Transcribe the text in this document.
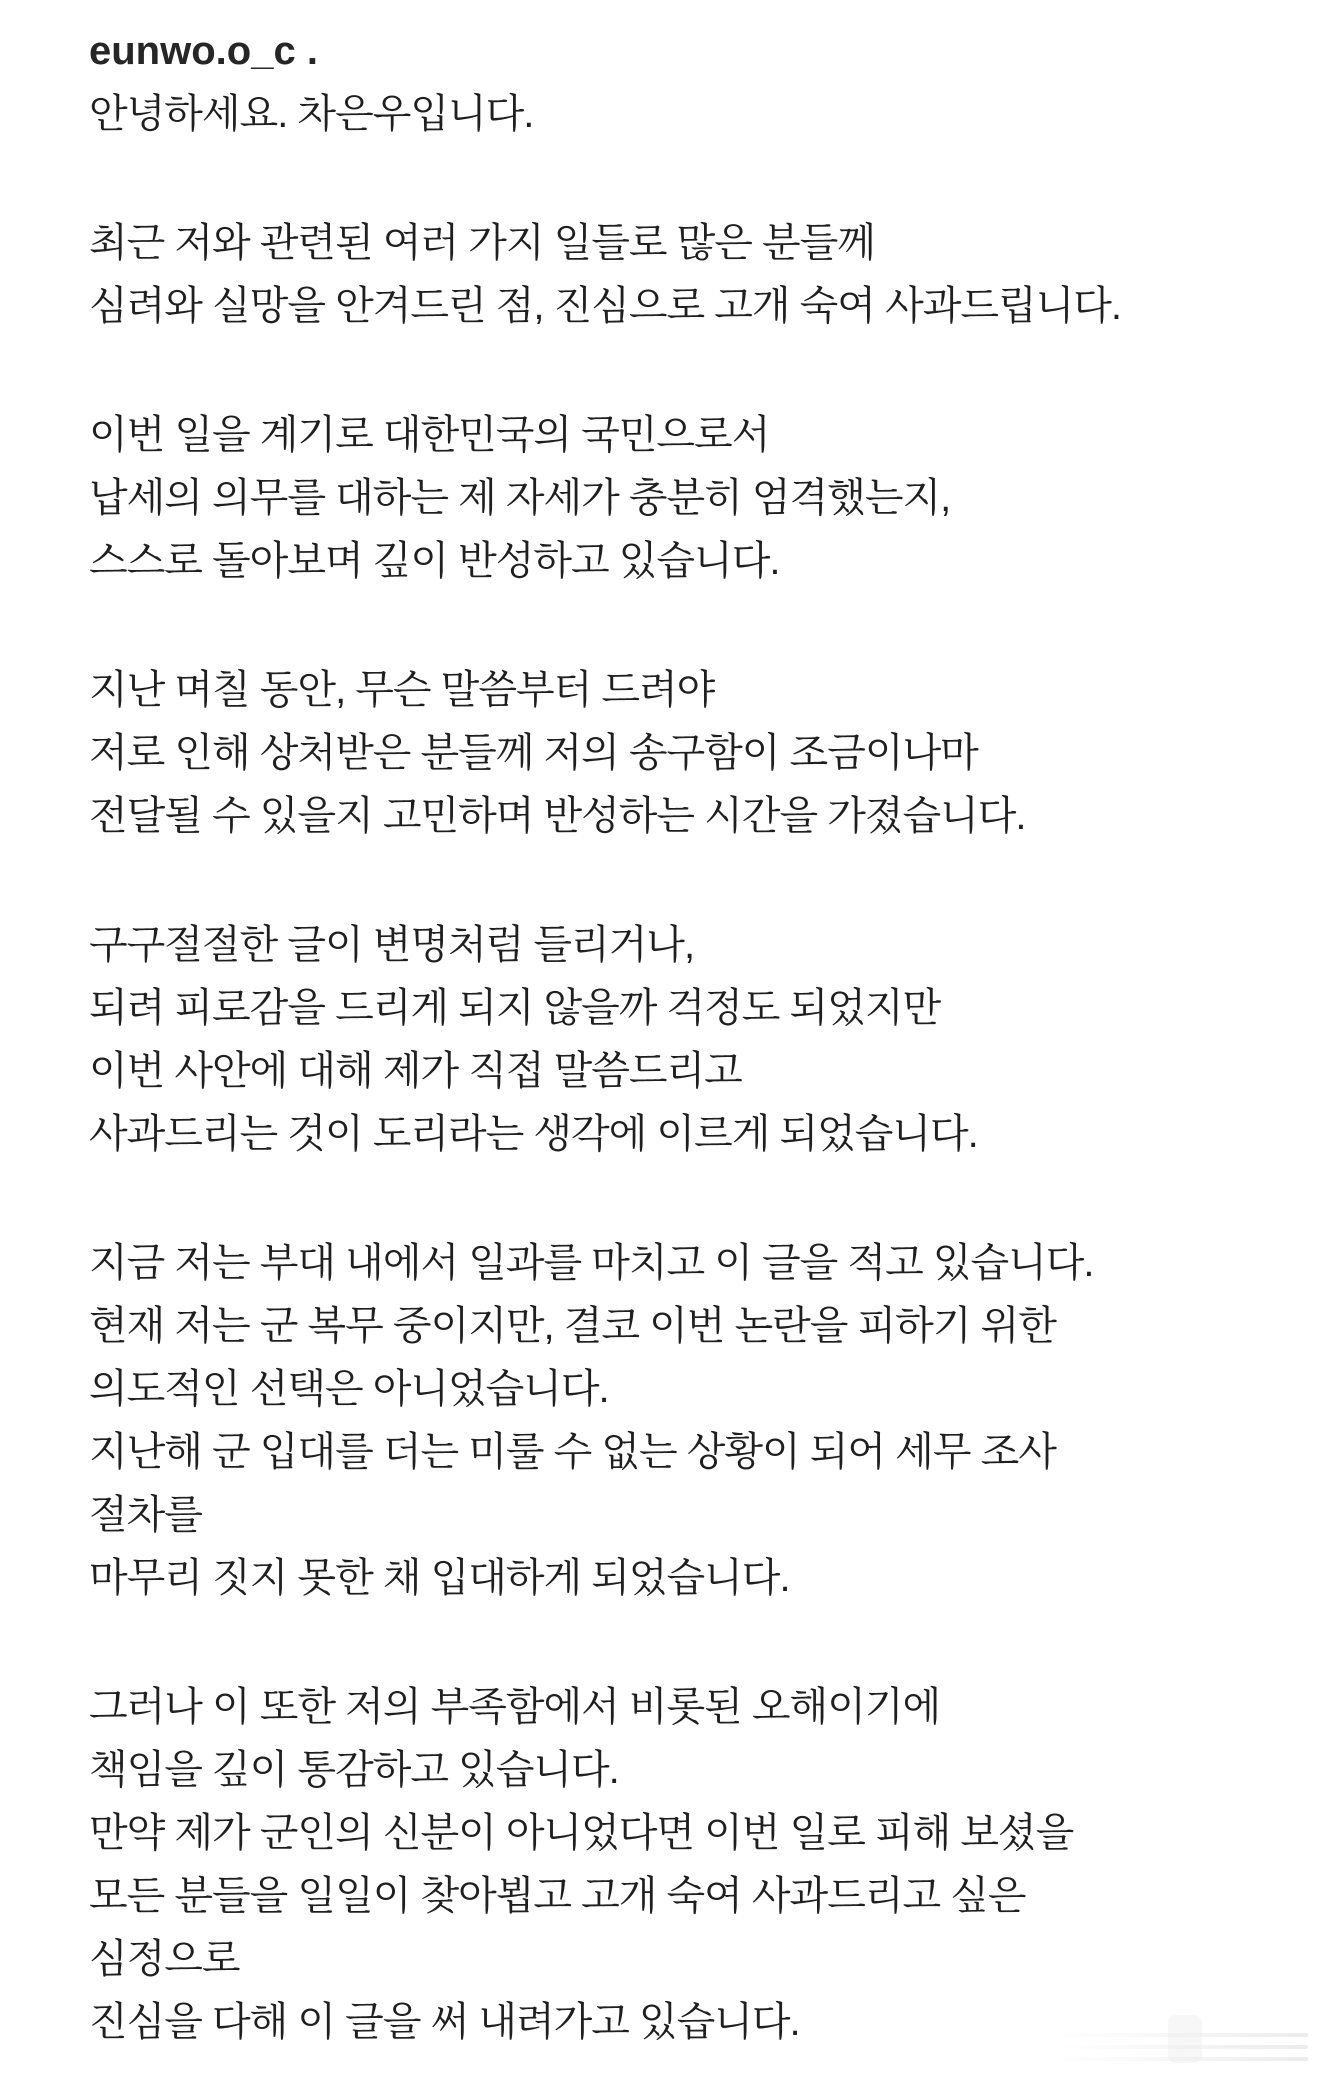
eunwo.o_c .
안녕하세요. 차은우입니다.
최근 저와 관련된 여러 가지 일들로 많은 분들께
심려와 실망을 안겨드린 점, 진심으로 고개 숙여 사과드립니다.
이번 일을 계기로 대한민국의 국민으로서
납세의 의무를 대하는 제 자세가 충분히 엄격했는지,
스스로 돌아보며 깊이 반성하고 있습니다.
지난 며칠 동안, 무슨 말씀부터 드려야
저로 인해 상처받은 분들께 저의 송구함이 조금이나마
전달될 수 있을지 고민하며 반성하는 시간을 가졌습니다.
구구절절한 글이 변명처럼 들리거나,
되려 피로감을 드리게 되지 않을까 걱정도 되었지만
이번 사안에 대해 제가 직접 말씀드리고
사과드리는 것이 도리라는 생각에 이르게 되었습니다.
지금 저는 부대 내에서 일과를 마치고 이 글을 적고 있습니다.
현재 저는 군 복무 중이지만, 결코 이번 논란을 피하기 위한
의도적인 선택은 아니었습니다.
지난해 군 입대를 더는 미룰 수 없는 상황이 되어 세무 조사
절차를
마무리 짓지 못한 채 입대하게 되었습니다.
그러나 이 또한 저의 부족함에서 비롯된 오해이기에
책임을 깊이 통감하고 있습니다.
만약 제가 군인의 신분이 아니었다면 이번 일로 피해 보셨을
모든 분들을 일일이 찾아뵙고 고개 숙여 사과드리고 싶은
심정으로
진심을 다해 이 글을 써 내려가고 있습니다.
